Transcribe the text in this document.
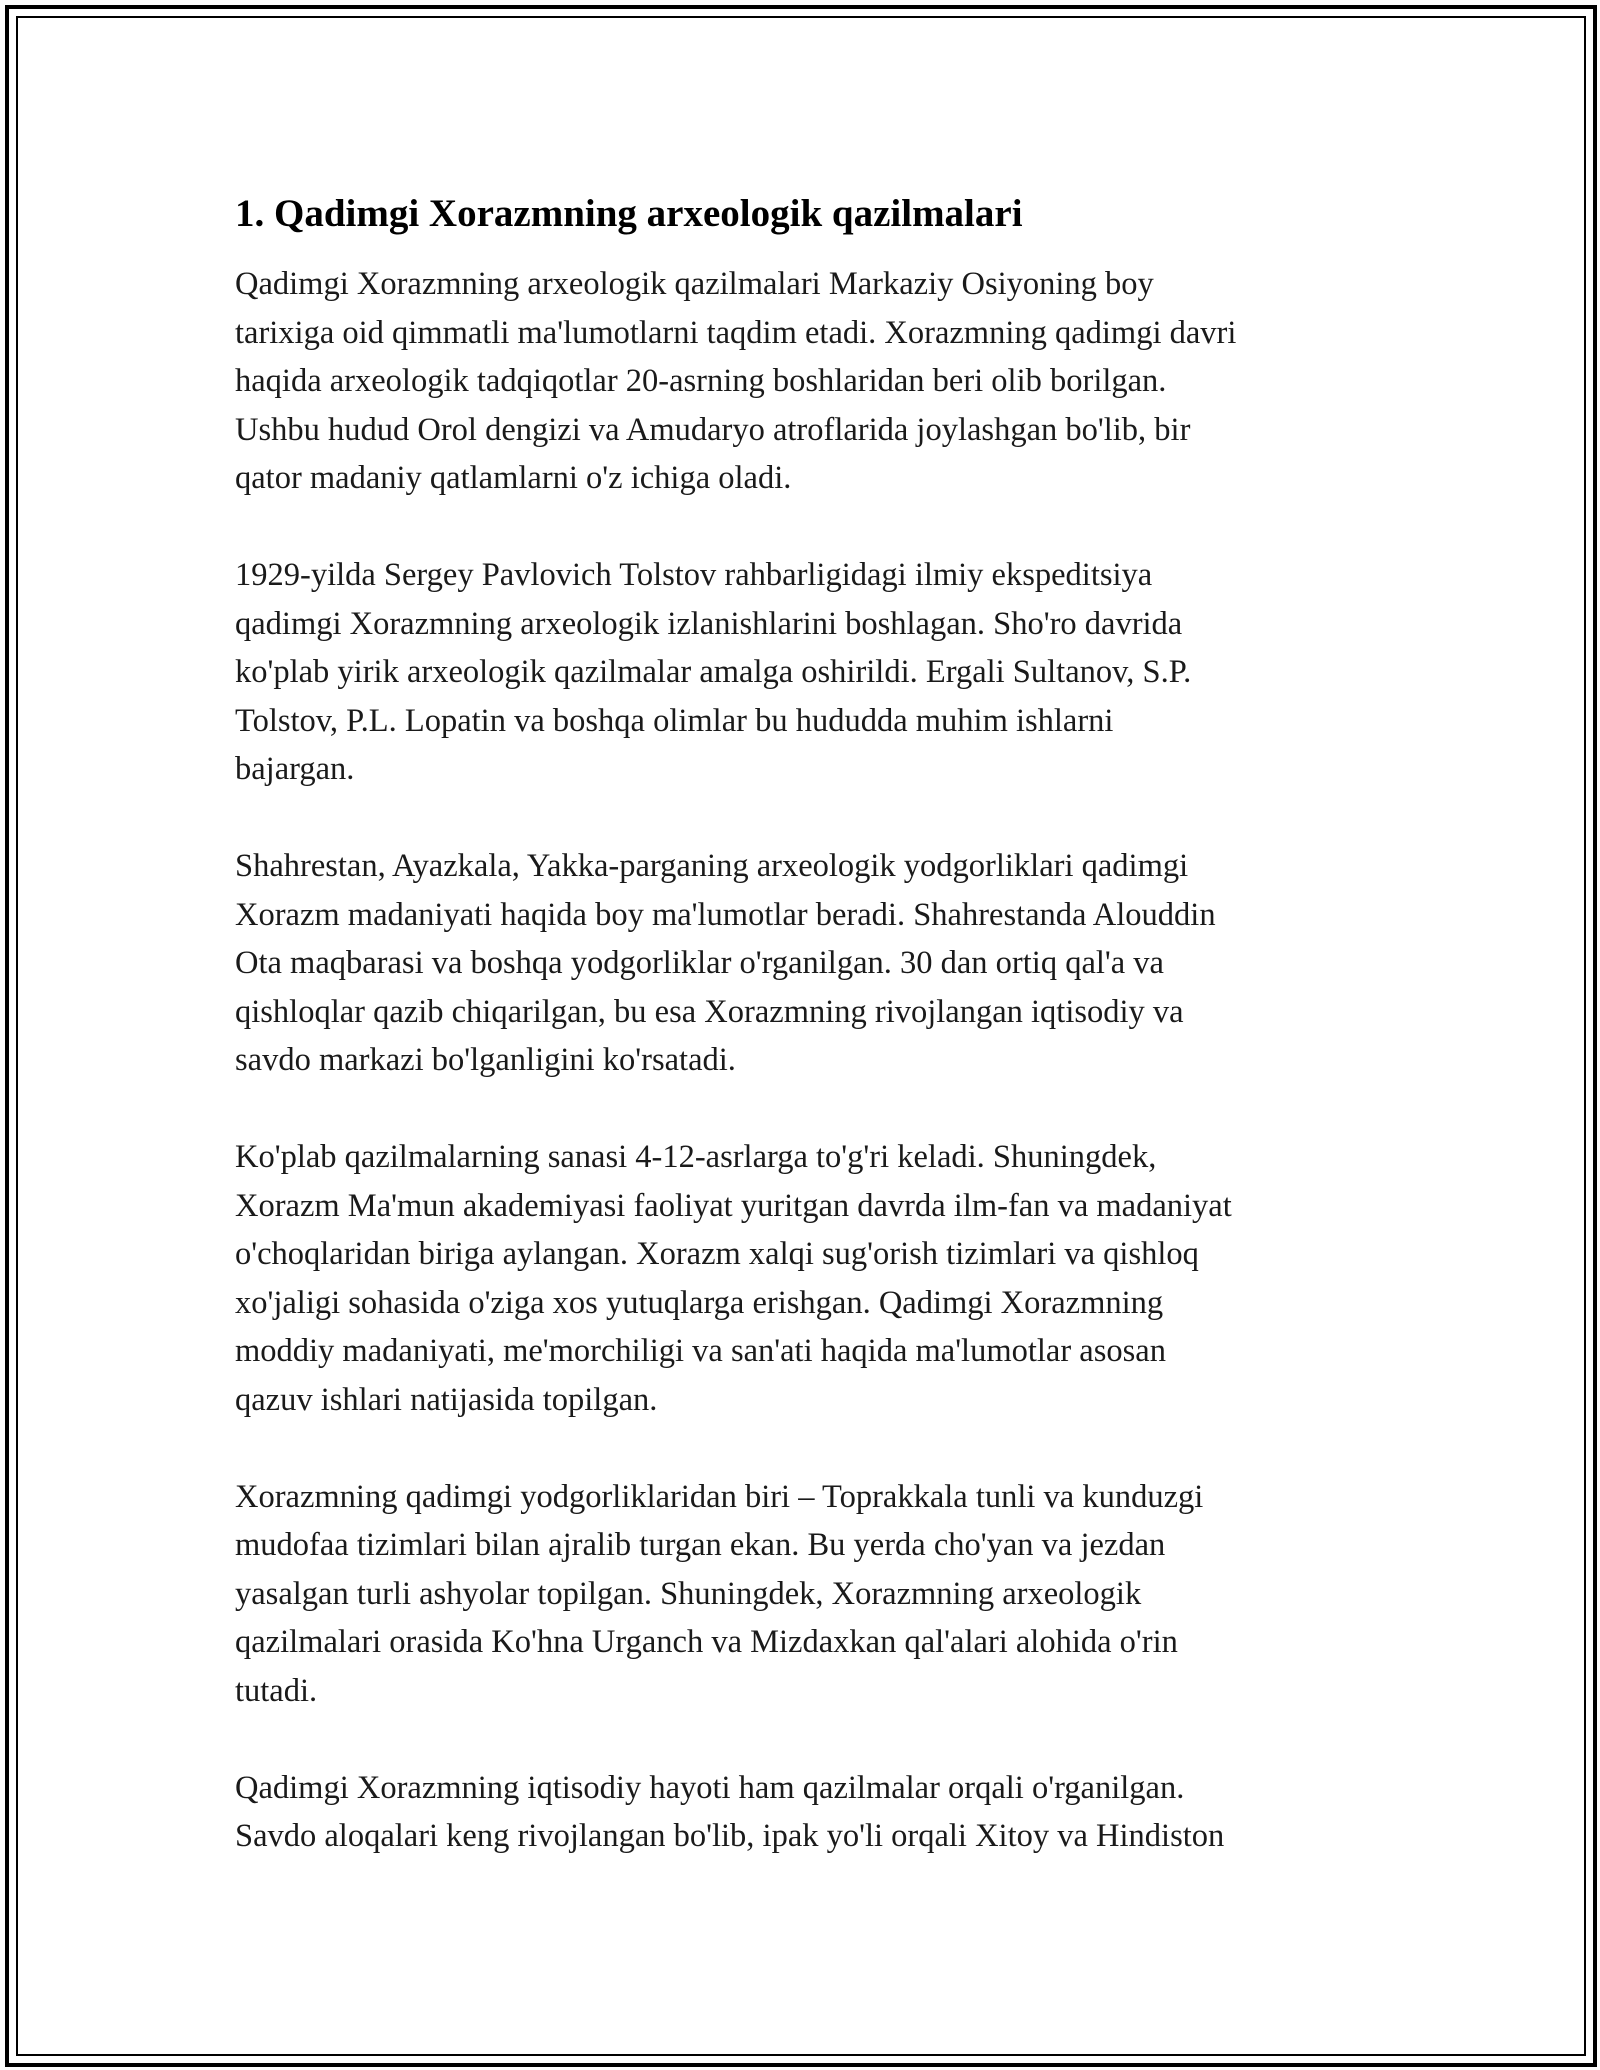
1. Qadimgi Xorazmning arxeologik qazilmalari
Qadimgi Xorazmning arxeologik qazilmalari Markaziy Osiyoning boy
tarixiga oid qimmatli ma'lumotlarni taqdim etadi. Xorazmning qadimgi davri
haqida arxeologik tadqiqotlar 20-asrning boshlaridan beri olib borilgan.
Ushbu hudud Orol dengizi va Amudaryo atroflarida joylashgan bo'lib, bir
qator madaniy qatlamlarni o'z ichiga oladi.
1929-yilda Sergey Pavlovich Tolstov rahbarligidagi ilmiy ekspeditsiya
qadimgi Xorazmning arxeologik izlanishlarini boshlagan. Sho'ro davrida
ko'plab yirik arxeologik qazilmalar amalga oshirildi. Ergali Sultanov, S.P.
Tolstov, P.L. Lopatin va boshqa olimlar bu hududda muhim ishlarni
bajargan.
Shahrestan, Ayazkala, Yakka-parganing arxeologik yodgorliklari qadimgi
Xorazm madaniyati haqida boy ma'lumotlar beradi. Shahrestanda Alouddin
Ota maqbarasi va boshqa yodgorliklar o'rganilgan. 30 dan ortiq qal'a va
qishloqlar qazib chiqarilgan, bu esa Xorazmning rivojlangan iqtisodiy va
savdo markazi bo'lganligini ko'rsatadi.
Ko'plab qazilmalarning sanasi 4-12-asrlarga to'g'ri keladi. Shuningdek,
Xorazm Ma'mun akademiyasi faoliyat yuritgan davrda ilm-fan va madaniyat
o'choqlaridan biriga aylangan. Xorazm xalqi sug'orish tizimlari va qishloq
xo'jaligi sohasida o'ziga xos yutuqlarga erishgan. Qadimgi Xorazmning
moddiy madaniyati, me'morchiligi va san'ati haqida ma'lumotlar asosan
qazuv ishlari natijasida topilgan.
Xorazmning qadimgi yodgorliklaridan biri – Toprakkala tunli va kunduzgi
mudofaa tizimlari bilan ajralib turgan ekan. Bu yerda cho'yan va jezdan
yasalgan turli ashyolar topilgan. Shuningdek, Xorazmning arxeologik
qazilmalari orasida Ko'hna Urganch va Mizdaxkan qal'alari alohida o'rin
tutadi.
Qadimgi Xorazmning iqtisodiy hayoti ham qazilmalar orqali o'rganilgan.
Savdo aloqalari keng rivojlangan bo'lib, ipak yo'li orqali Xitoy va Hindiston
